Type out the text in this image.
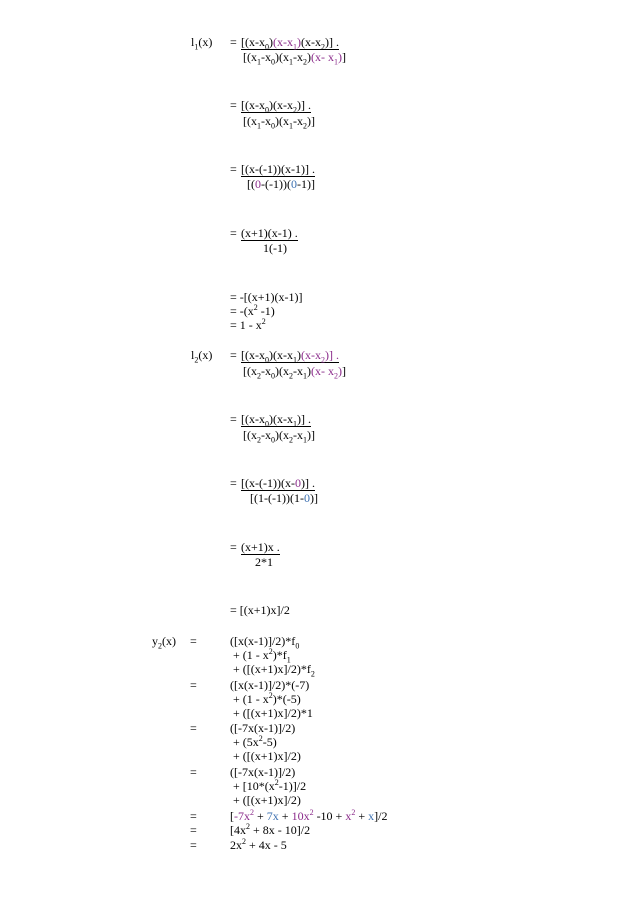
$l_1(x) = [(x-x_0)(x-x_1)(x-x_2)]$ .
[$(x_1-x_0)(x_1-x_2)(x-$ $x_1$)]
= $[(x-x_0)(x-x_2)]$ .
$[(x_1-x_0)(x_1-x_2)]$
= [(x-(-1))(x-1)] .
[(0-(-1))(0-1)]
= (x+1)(x-1) .
1(-1)
= -[(x+1)(x-1)]
= $-(x^2$ -1)
= $1 - x^2$
$l_2(x) = [(x-x_0)(x-x_1)(x-x_2)]$ .
[$(x_2-x_0)(x_2-x_1)(x-$ $x_2$)]
= $[(x-x_0)(x-x_1)]$ .
$[(x_2-x_0)(x_2-x_1)]$
= [(x-(-1))(x-0)] .
[(1-(-1))(1-0)]
= (x+1)x .
2*1
= [(x+1)x]/2
$y_2(x)$ =	$([x(x-1)]/2)*f_0$
+ $(1 - x^2)*f_1$
+ $([(x+1)x]/2)*f_2$
=	([x(x-1)]/2)*(-7)
+ $(1 - x^2)*(-5)$
+ ([(x+1)x]/2)*1
=	([-7x(x-1)]/2)
+ $(5x^2-5)$
+ ([(x+1)x]/2)
=	([-7x(x-1)]/2)
+ $[10*(x^2-1)]/2$
+ ([(x+1)x]/2)
=	[$-7x^2 + 7x + 10x^2$ $-10 + x^2 + x]/2$
=	$[4x^2 + 8x - 10]/2$
=	$2x^2 + 4x - 5$
